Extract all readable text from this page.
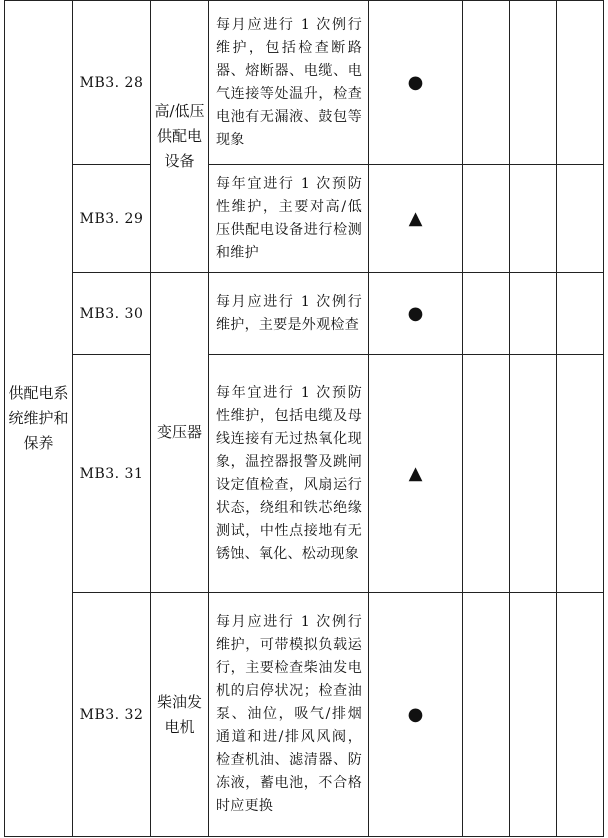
供配电系统维护和保养	MB3. 28	高/低压供配电设备	每月应进行 1 次例行维护，包括检查断路器、熔断器、电缆、电气连接等处温升，检查电池有无漏液、鼓包等现象	●			
	MB3. 29		每年宜进行 1 次预防性维护，主要对高/低压供配电设备进行检测和维护	▲			
	MB3. 30	变压器	每月应进行 1 次例行维护，主要是外观检查	●			
	MB3. 31		每年宜进行 1 次预防性维护，包括电缆及母线连接有无过热氧化现象，温控器报警及跳闸设定值检查，风扇运行状态，绕组和铁芯绝缘测试，中性点接地有无锈蚀、氧化、松动现象	▲			
	MB3. 32	柴油发电机	每月应进行 1 次例行维护，可带模拟负载运行，主要检查柴油发电机的启停状况；检查油泵、油位，吸气/排烟通道和进/排风风阀，检查机油、滤清器、防冻液，蓄电池，不合格时应更换	●			
